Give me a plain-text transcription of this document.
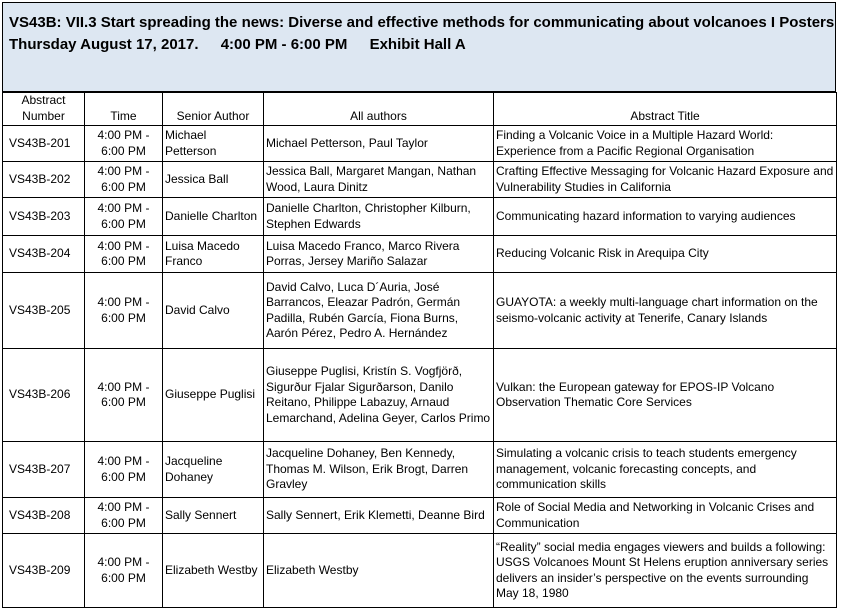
VS43B: VII.3 Start spreading the news: Diverse and effective methods for communicating about volcanoes I Posters
Thursday August 17, 2017. 4:00 PM - 6:00 PM Exhibit Hall A
Abstract Number	Time	Senior Author	All authors	Abstract Title
VS43B-201	4:00 PM - 6:00 PM	Michael Petterson	Michael Petterson, Paul Taylor	Finding a Volcanic Voice in a Multiple Hazard World: Experience from a Pacific Regional Organisation
VS43B-202	4:00 PM - 6:00 PM	Jessica Ball	Jessica Ball, Margaret Mangan, Nathan Wood, Laura Dinitz	Crafting Effective Messaging for Volcanic Hazard Exposure and Vulnerability Studies in California
VS43B-203	4:00 PM - 6:00 PM	Danielle Charlton	Danielle Charlton, Christopher Kilburn, Stephen Edwards	Communicating hazard information to varying audiences
VS43B-204	4:00 PM - 6:00 PM	Luisa Macedo Franco	Luisa Macedo Franco, Marco Rivera Porras, Jersey Mariño Salazar	Reducing Volcanic Risk in Arequipa City
VS43B-205	4:00 PM - 6:00 PM	David Calvo	David Calvo, Luca D´Auria, José Barrancos, Eleazar Padrón, Germán Padilla, Rubén García, Fiona Burns, Aarón Pérez, Pedro A. Hernández	GUAYOTA: a weekly multi-language chart information on the seismo-volcanic activity at Tenerife, Canary Islands
VS43B-206	4:00 PM - 6:00 PM	Giuseppe Puglisi	Giuseppe Puglisi, Kristín S. Vogfjörð, Sigurður Fjalar Sigurðarson, Danilo Reitano, Philippe Labazuy, Arnaud Lemarchand, Adelina Geyer, Carlos Primo	Vulkan: the European gateway for EPOS-IP Volcano Observation Thematic Core Services
VS43B-207	4:00 PM - 6:00 PM	Jacqueline Dohaney	Jacqueline Dohaney, Ben Kennedy, Thomas M. Wilson, Erik Brogt, Darren Gravley	Simulating a volcanic crisis to teach students emergency management, volcanic forecasting concepts, and communication skills
VS43B-208	4:00 PM - 6:00 PM	Sally Sennert	Sally Sennert, Erik Klemetti, Deanne Bird	Role of Social Media and Networking in Volcanic Crises and Communication
VS43B-209	4:00 PM - 6:00 PM	Elizabeth Westby	Elizabeth Westby	“Reality” social media engages viewers and builds a following: USGS Volcanoes Mount St Helens eruption anniversary series delivers an insider’s perspective on the events surrounding May 18, 1980
